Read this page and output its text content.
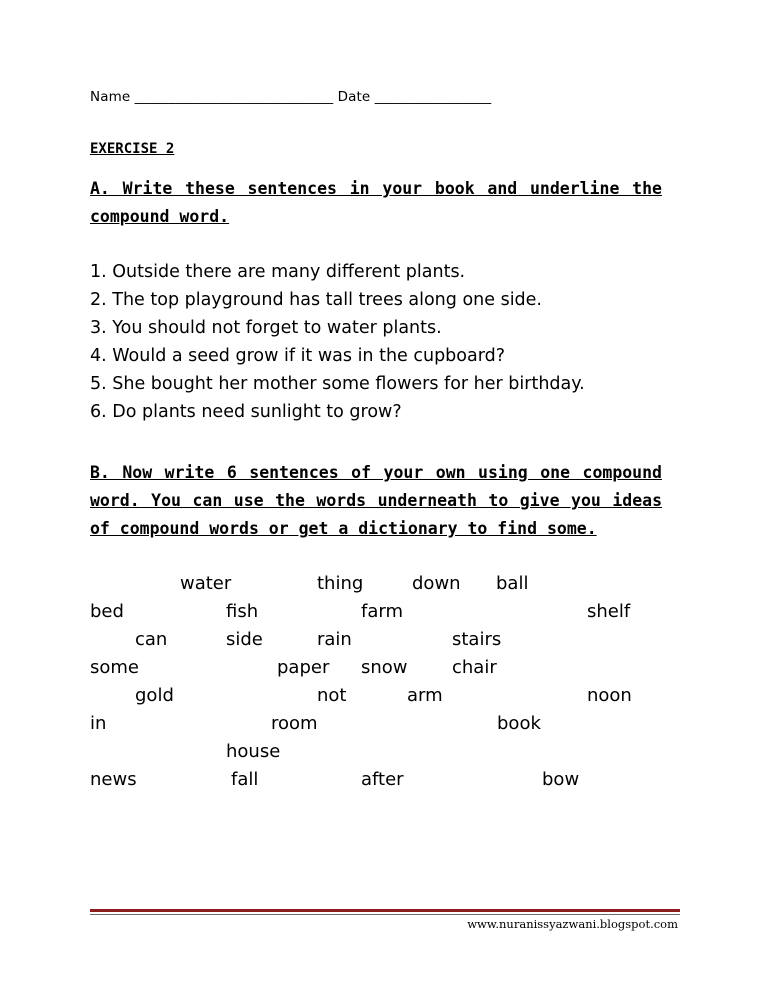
Name _____________________________ Date _________________
EXERCISE 2
A. Write these sentences in your book and underline the compound word.
1. Outside there are many different plants.
2. The top playground has tall trees along one side.
3. You should not forget to water plants.
4. Would a seed grow if it was in the cupboard?
5. She bought her mother some flowers for her birthday.
6. Do plants need sunlight to grow?
B. Now write 6 sentences of your own using one compound word. You can use the words underneath to give you ideas of compound words or get a dictionary to find some.
water	thing	down ball
bed	fish	farm	shelf
can	side	rain	stairs
some	paper snow chair
gold	not	arm	noon
in	room	book
house
news	fall	after	bow
www.nuranissyazwani.blogspot.com
